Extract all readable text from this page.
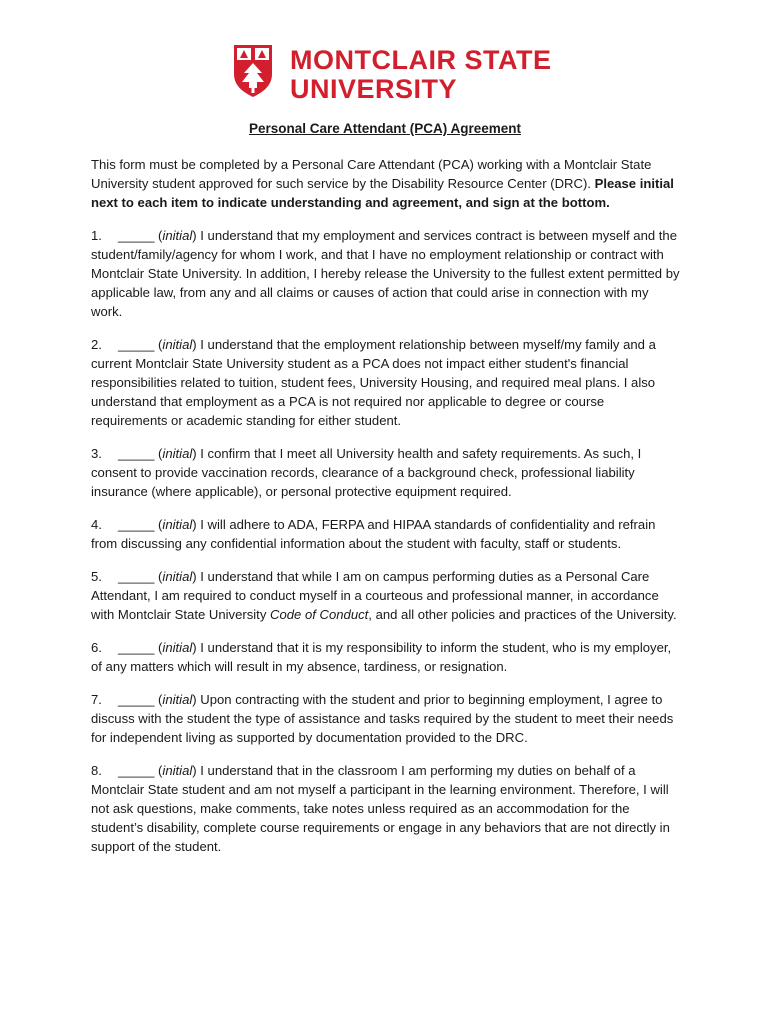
MONTCLAIR STATE
UNIVERSITY
Personal Care Attendant (PCA) Agreement

This form must be completed by a Personal Care Attendant (PCA) working with a Montclair State University student approved for such service by the Disability Resource Center (DRC). Please initial next to each item to indicate understanding and agreement, and sign at the bottom.

1. _____ (initial) I understand that my employment and services contract is between myself and the student/family/agency for whom I work, and that I have no employment relationship or contract with Montclair State University. In addition, I hereby release the University to the fullest extent permitted by applicable law, from any and all claims or causes of action that could arise in connection with my work.

2. _____ (initial) I understand that the employment relationship between myself/my family and a current Montclair State University student as a PCA does not impact either student's financial responsibilities related to tuition, student fees, University Housing, and required meal plans. I also understand that employment as a PCA is not required nor applicable to degree or course requirements or academic standing for either student.

3. _____ (initial) I confirm that I meet all University health and safety requirements. As such, I consent to provide vaccination records, clearance of a background check, professional liability insurance (where applicable), or personal protective equipment required.

4. _____ (initial) I will adhere to ADA, FERPA and HIPAA standards of confidentiality and refrain from discussing any confidential information about the student with faculty, staff or students.

5. _____ (initial) I understand that while I am on campus performing duties as a Personal Care Attendant, I am required to conduct myself in a courteous and professional manner, in accordance with Montclair State University Code of Conduct, and all other policies and practices of the University.

6. _____ (initial) I understand that it is my responsibility to inform the student, who is my employer, of any matters which will result in my absence, tardiness, or resignation.

7. _____ (initial) Upon contracting with the student and prior to beginning employment, I agree to discuss with the student the type of assistance and tasks required by the student to meet their needs for independent living as supported by documentation provided to the DRC.

8. _____ (initial) I understand that in the classroom I am performing my duties on behalf of a Montclair State student and am not myself a participant in the learning environment. Therefore, I will not ask questions, make comments, take notes unless required as an accommodation for the student’s disability, complete course requirements or engage in any behaviors that are not directly in support of the student.
